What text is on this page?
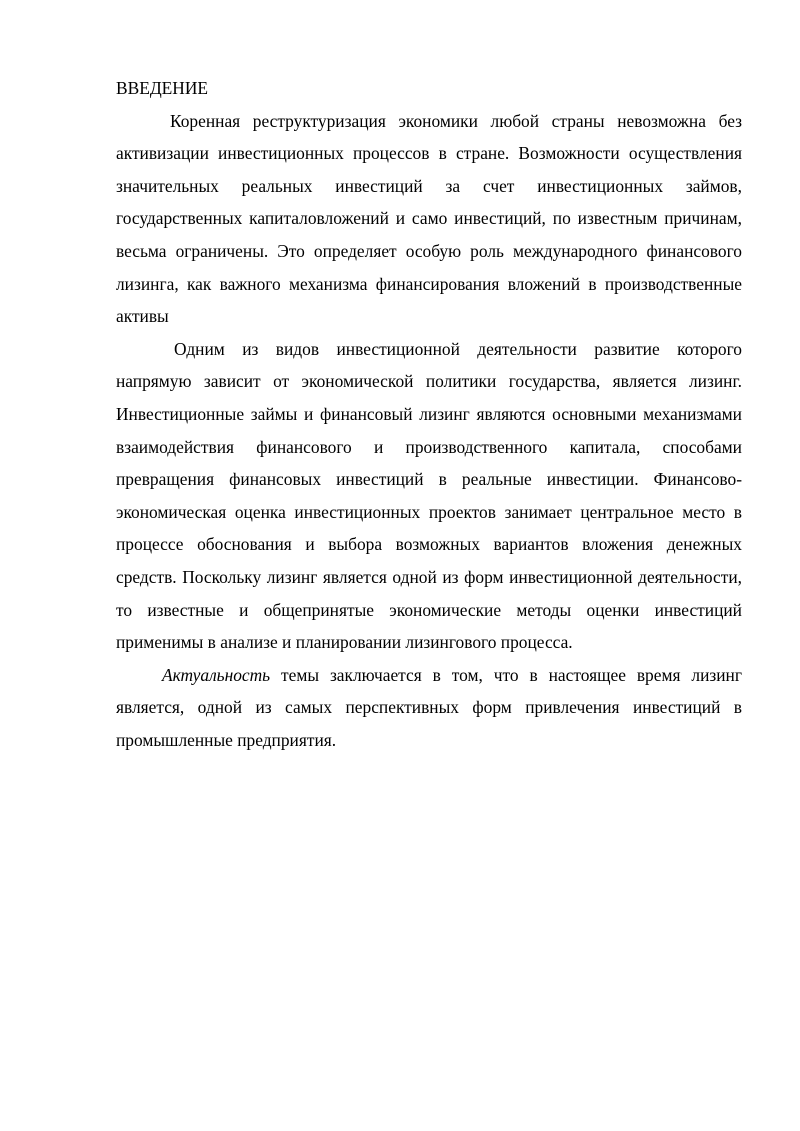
ВВЕДЕНИЕ

Коренная реструктуризация экономики любой страны невозможна без активизации инвестиционных процессов в стране. Возможности осуществления значительных реальных инвестиций за счет инвестиционных займов, государственных капиталовложений и само инвестиций, по известным причинам, весьма ограничены. Это определяет особую роль международного финансового лизинга, как важного механизма финансирования вложений в производственные активы

Одним из видов инвестиционной деятельности развитие которого напрямую зависит от экономической политики государства, является лизинг. Инвестиционные займы и финансовый лизинг являются основными механизмами взаимодействия финансового и производственного капитала, способами превращения финансовых инвестиций в реальные инвестиции. Финансово-экономическая оценка инвестиционных проектов занимает центральное место в процессе обоснования и выбора возможных вариантов вложения денежных средств. Поскольку лизинг является одной из форм инвестиционной деятельности, то известные и общепринятые экономические методы оценки инвестиций применимы в анализе и планировании лизингового процесса.

Актуальность темы заключается в том, что в настоящее время лизинг является, одной из самых перспективных форм привлечения инвестиций в промышленные предприятия.
